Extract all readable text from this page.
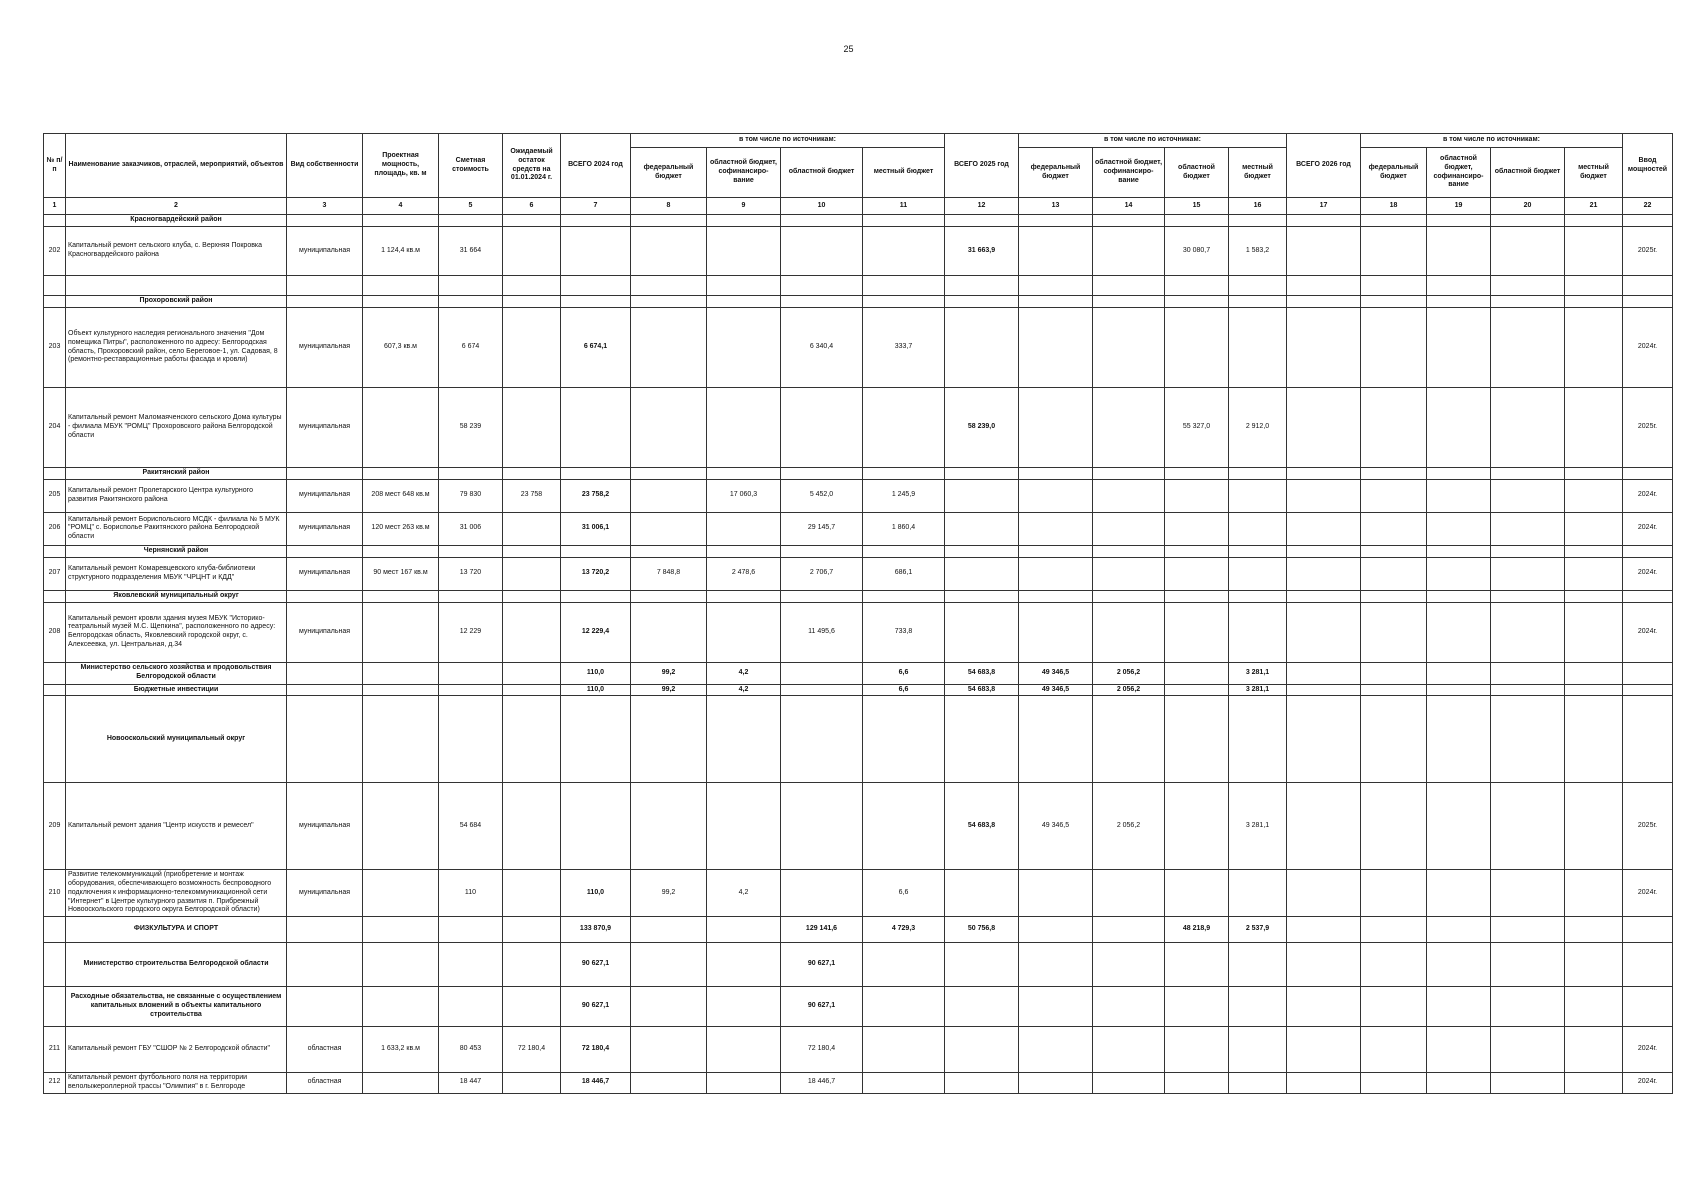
25
№ п/п	Наименование заказчиков, отраслей, мероприятий, объектов	Вид собственности	Проектная мощность, площадь, кв. м	Сметная стоимость	Ожидаемый остаток средств на 01.01.2024 г.	ВСЕГО 2024 год	в том числе по источникам:				ВСЕГО 2025 год	в том числе по источникам:				ВСЕГО 2026 год	в том числе по источникам:				Ввод мощностей
							федеральный бюджет	областной бюджет, софинансиро-вание	областной бюджет	местный бюджет		федеральный бюджет	областной бюджет, софинансиро-вание	областной бюджет	местный бюджет		федеральный бюджет	областной бюджет, софинансиро-вание	областной бюджет	местный бюджет	
1	2	3	4	5	6	7	8	9	10	11	12	13	14	15	16	17	18	19	20	21	22
	Красногвардейский район																				
202	Капитальный ремонт сельского клуба, с. Верхняя Покровка Красногвардейского района	муниципальная	1 124,4 кв.м	31 664							31 663,9			30 080,7	1 583,2						2025г.

	Прохоровский район																				
203	Объект культурного наследия регионального значения "Дом помещика Питры", расположенного по адресу: Белгородская область, Прохоровский район, село Береговое-1, ул. Садовая, 8 (ремонтно-реставрационные работы фасада и кровли)	муниципальная	607,3 кв.м	6 674		6 674,1			6 340,4	333,7											2024г.
204	Капитальный ремонт Маломаяченского сельского Дома культуры - филиала МБУК "РОМЦ" Прохоровского района Белгородской области	муниципальная		58 239							58 239,0			55 327,0	2 912,0						2025г.
	Ракитянский район																				
205	Капитальный ремонт Пролетарского Центра культурного развития Ракитянского района	муниципальная	208 мест 648 кв.м	79 830	23 758	23 758,2		17 060,3	5 452,0	1 245,9											2024г.
206	Капитальный ремонт Бориспольского МСДК - филиала № 5 МУК "РОМЦ" с. Борисполье Ракитянского района Белгородской области	муниципальная	120 мест 263 кв.м	31 006		31 006,1			29 145,7	1 860,4											2024г.
	Чернянский район																				
207	Капитальный ремонт Комаревцевского клуба-библиотеки структурного подразделения МБУК "ЧРЦНТ и КДД"	муниципальная	90 мест 167 кв.м	13 720		13 720,2	7 848,8	2 478,6	2 706,7	686,1											2024г.
	Яковлевский муниципальный округ																				
208	Капитальный ремонт кровли здания музея МБУК "Историко-театральный музей М.С. Щепкина", расположенного по адресу: Белгородская область, Яковлевский городской округ, с. Алексеевка, ул. Центральная, д.34	муниципальная		12 229		12 229,4			11 495,6	733,8											2024г.
	Министерство сельского хозяйства и продовольствия Белгородской области					110,0	99,2	4,2		6,6	54 683,8	49 346,5	2 056,2		3 281,1						
	Бюджетные инвестиции					110,0	99,2	4,2		6,6	54 683,8	49 346,5	2 056,2		3 281,1						
	Новооскольский муниципальный округ																				
209	Капитальный ремонт здания "Центр искусств и ремесел"	муниципальная		54 684							54 683,8	49 346,5	2 056,2		3 281,1						2025г.
210	Развитие телекоммуникаций (приобретение и монтаж оборудования, обеспечивающего возможность беспроводного подключения к информационно-телекоммуникационной сети "Интернет" в Центре культурного развития п. Прибрежный Новооскольского городского округа Белгородской области)	муниципальная		110		110,0	99,2	4,2		6,6											2024г.
	ФИЗКУЛЬТУРА И СПОРТ					133 870,9			129 141,6	4 729,3	50 756,8			48 218,9	2 537,9						
	Министерство строительства Белгородской области					90 627,1			90 627,1												
	Расходные обязательства, не связанные с осуществлением капитальных вложений в объекты капитального строительства					90 627,1			90 627,1												
211	Капитальный ремонт ГБУ "СШОР № 2 Белгородской области"	областная	1 633,2 кв.м	80 453	72 180,4	72 180,4			72 180,4												2024г.
212	Капитальный ремонт футбольного поля на территории велолыжероллерной трассы "Олимпия" в г. Белгороде	областная		18 447		18 446,7			18 446,7												2024г.
